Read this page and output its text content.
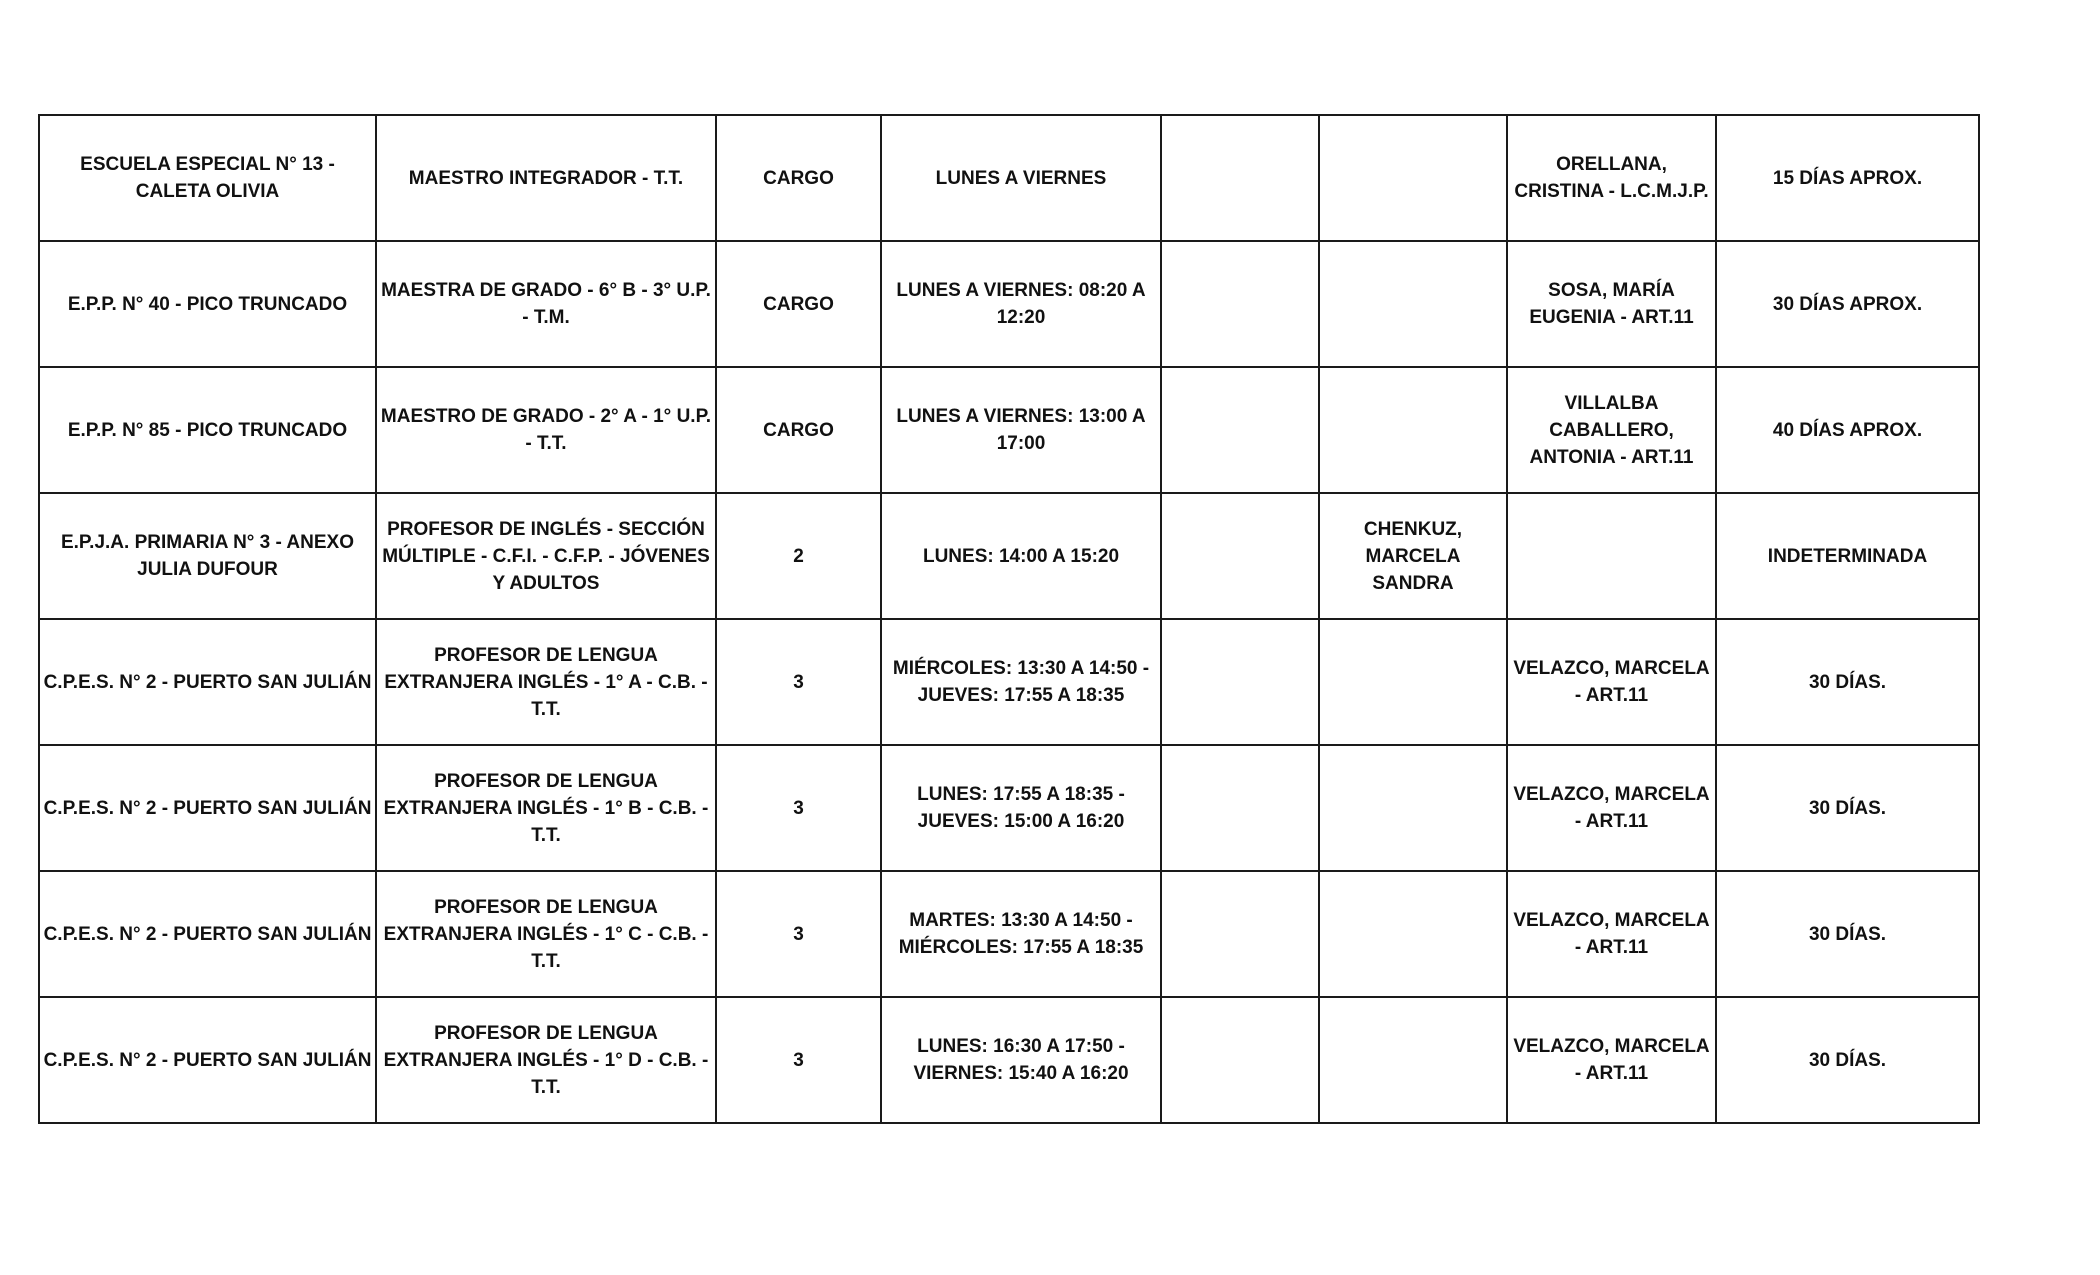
ESCUELA ESPECIAL N° 13 - CALETA OLIVIA	MAESTRO INTEGRADOR - T.T.	CARGO	LUNES A VIERNES			ORELLANA, CRISTINA - L.C.M.J.P.	15 DÍAS APROX.
E.P.P. N° 40 - PICO TRUNCADO	MAESTRA DE GRADO - 6° B - 3° U.P. - T.M.	CARGO	LUNES A VIERNES: 08:20 A 12:20			SOSA, MARÍA EUGENIA - ART.11	30 DÍAS APROX.
E.P.P. N° 85 - PICO TRUNCADO	MAESTRO DE GRADO - 2° A - 1° U.P. - T.T.	CARGO	LUNES A VIERNES: 13:00 A 17:00			VILLALBA CABALLERO, ANTONIA - ART.11	40 DÍAS APROX.
E.P.J.A. PRIMARIA N° 3 - ANEXO JULIA DUFOUR	PROFESOR DE INGLÉS - SECCIÓN MÚLTIPLE - C.F.I. - C.F.P. - JÓVENES Y ADULTOS	2	LUNES: 14:00 A 15:20		CHENKUZ, MARCELA SANDRA		INDETERMINADA
C.P.E.S. N° 2 - PUERTO SAN JULIÁN	PROFESOR DE LENGUA EXTRANJERA INGLÉS - 1° A - C.B. - T.T.	3	MIÉRCOLES: 13:30 A 14:50 - JUEVES: 17:55 A 18:35			VELAZCO, MARCELA - ART.11	30 DÍAS.
C.P.E.S. N° 2 - PUERTO SAN JULIÁN	PROFESOR DE LENGUA EXTRANJERA INGLÉS - 1° B - C.B. - T.T.	3	LUNES: 17:55 A 18:35 - JUEVES: 15:00 A 16:20			VELAZCO, MARCELA - ART.11	30 DÍAS.
C.P.E.S. N° 2 - PUERTO SAN JULIÁN	PROFESOR DE LENGUA EXTRANJERA INGLÉS - 1° C - C.B. - T.T.	3	MARTES: 13:30 A 14:50 - MIÉRCOLES: 17:55 A 18:35			VELAZCO, MARCELA - ART.11	30 DÍAS.
C.P.E.S. N° 2 - PUERTO SAN JULIÁN	PROFESOR DE LENGUA EXTRANJERA INGLÉS - 1° D - C.B. - T.T.	3	LUNES: 16:30 A 17:50 - VIERNES: 15:40 A 16:20			VELAZCO, MARCELA - ART.11	30 DÍAS.
